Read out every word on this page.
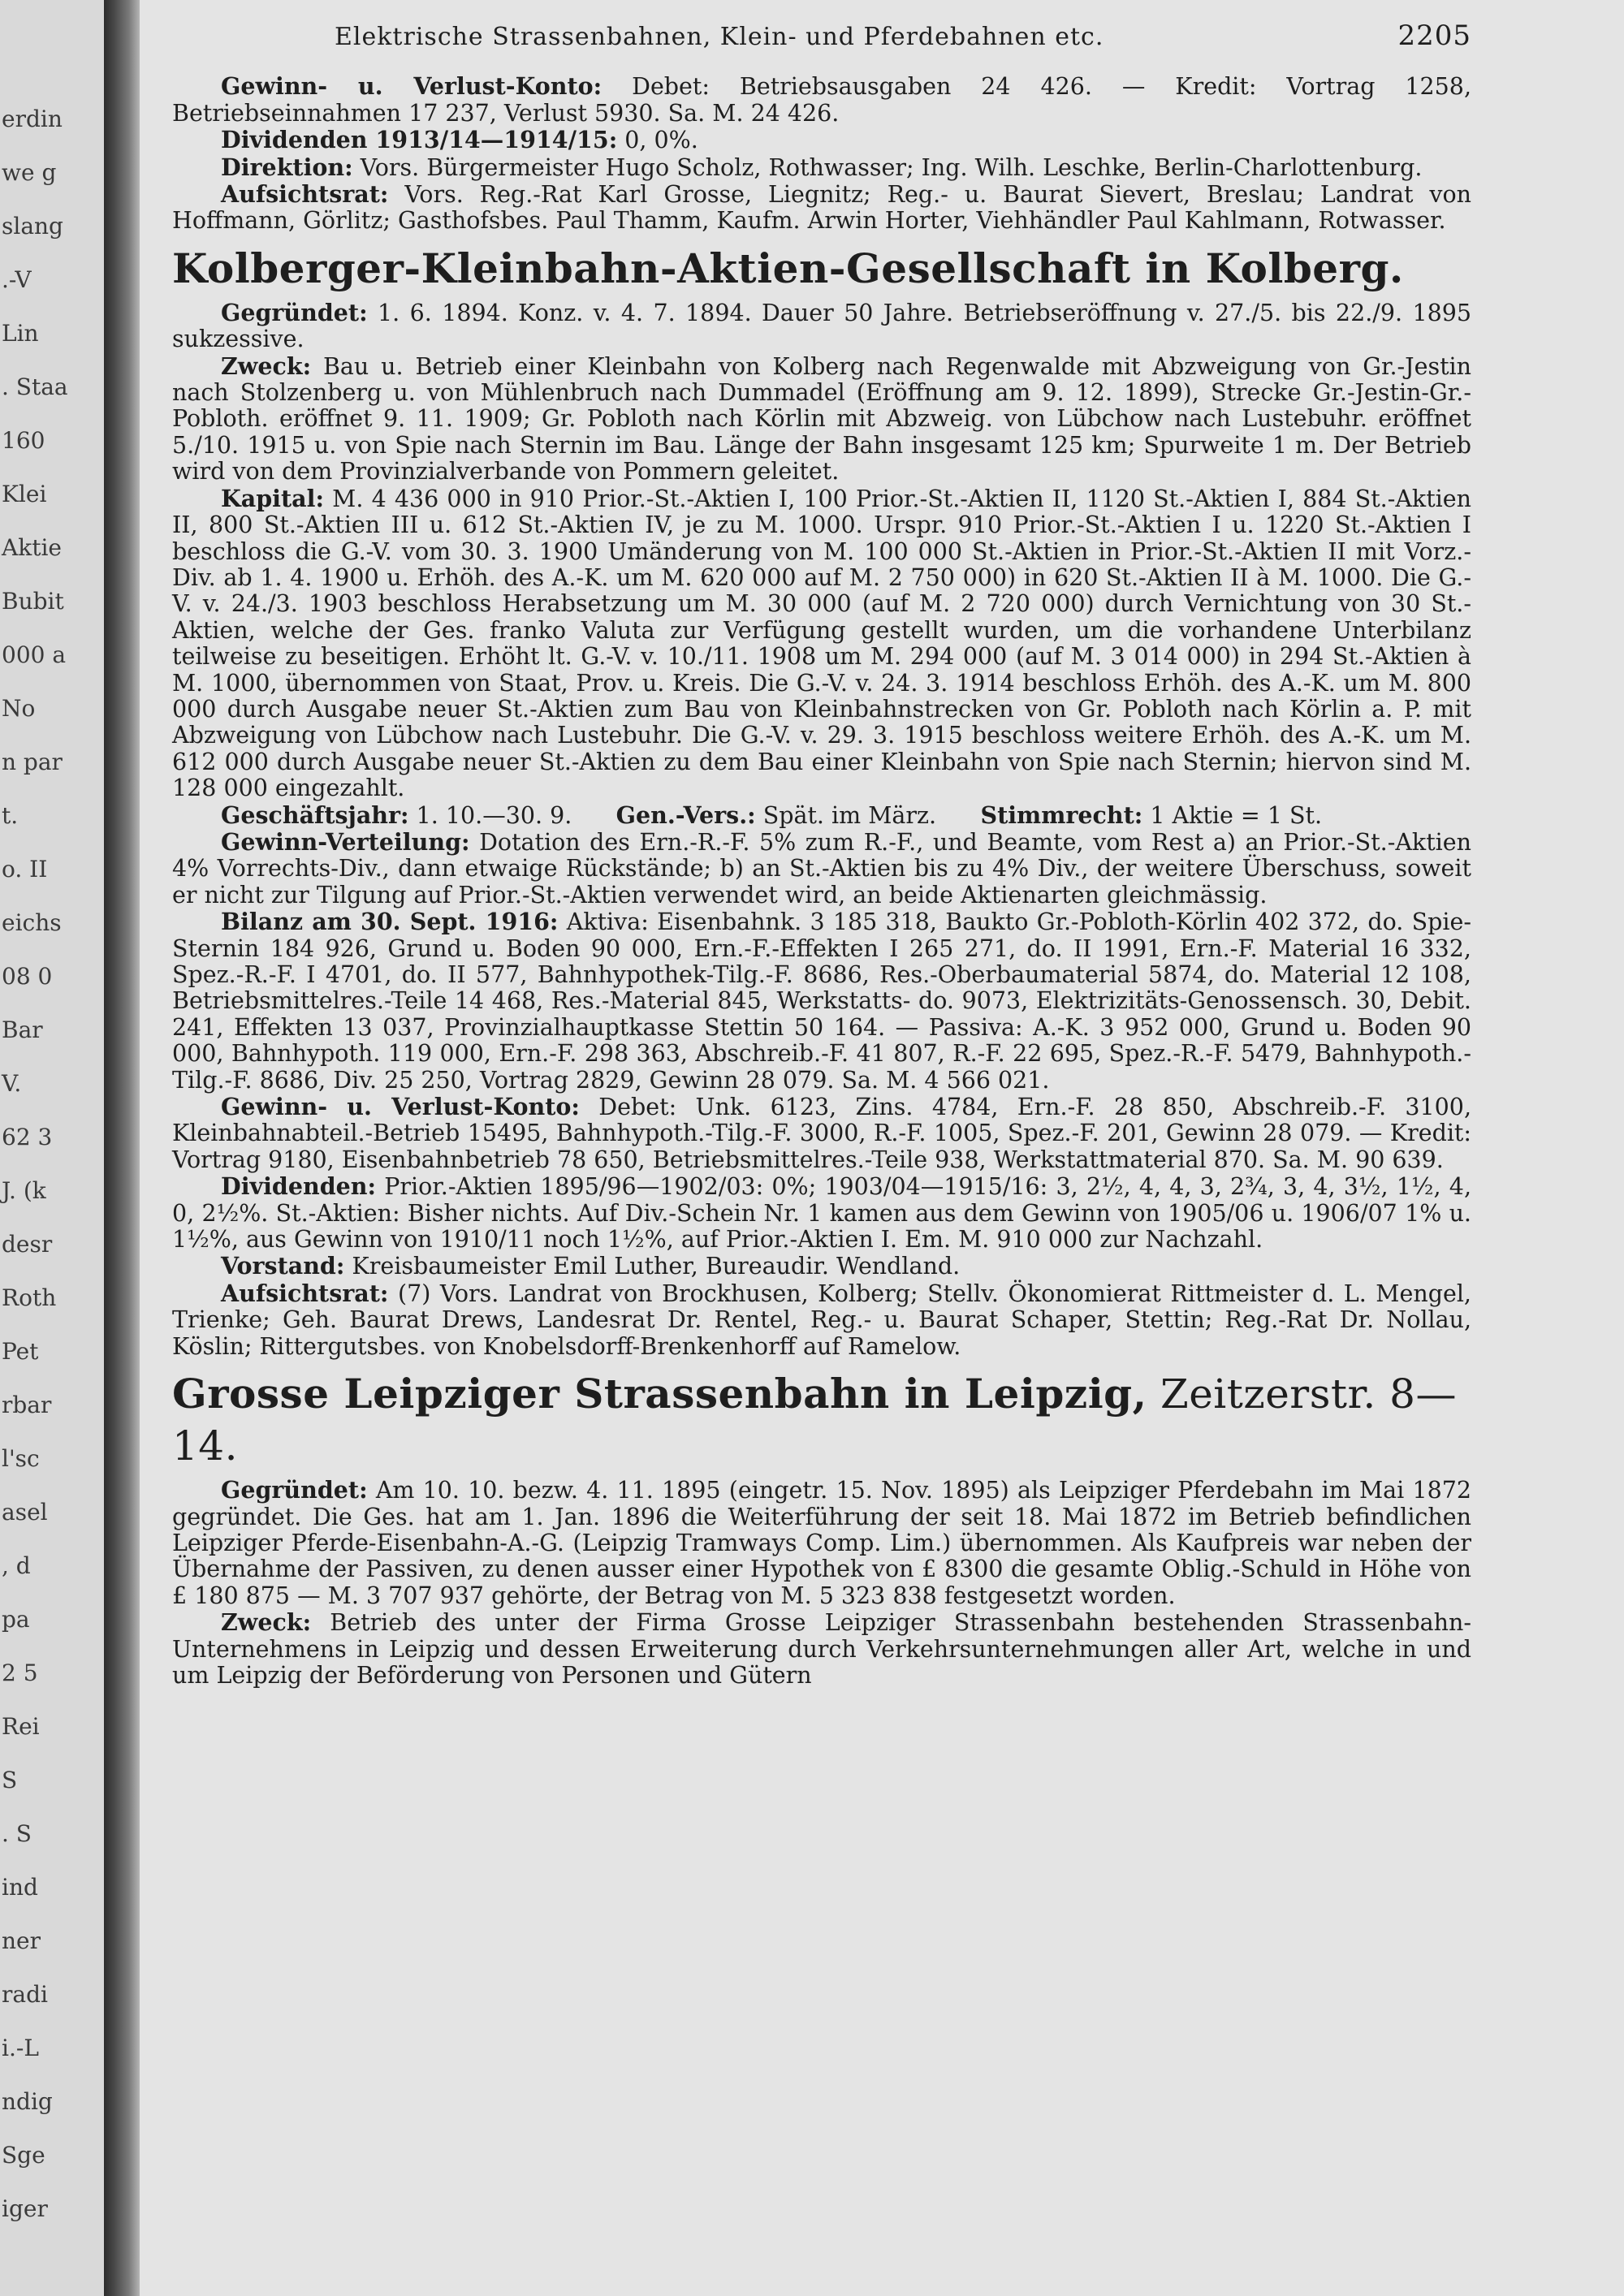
erdin
we g
slang
.-V
Lin
. Staa
160
Klei
Aktie
Bubit
000 a
No
n par
t.
o. II
eichs
08 0
Bar
V.
62 3
J. (k
desr
Roth
Pet
rbar
l'sc
asel
, d
pa
2 5
Rei
S
. S
ind
ner
radi
i.-L
ndig
Sge
iger
Elektrische Strassenbahnen, Klein- und Pferdebahnen etc.	2205

Gewinn- u. Verlust-Konto: Debet: Betriebsausgaben 24 426. — Kredit: Vortrag 1258, Betriebseinnahmen 17 237, Verlust 5930. Sa. M. 24 426.

Dividenden 1913/14—1914/15: 0, 0%.

Direktion: Vors. Bürgermeister Hugo Scholz, Rothwasser; Ing. Wilh. Leschke, Berlin-Charlottenburg.

Aufsichtsrat: Vors. Reg.-Rat Karl Grosse, Liegnitz; Reg.- u. Baurat Sievert, Breslau; Landrat von Hoffmann, Görlitz; Gasthofsbes. Paul Thamm, Kaufm. Arwin Horter, Viehhändler Paul Kahlmann, Rotwasser.

Kolberger-Kleinbahn-Aktien-Gesellschaft in Kolberg.

Gegründet: 1. 6. 1894. Konz. v. 4. 7. 1894. Dauer 50 Jahre. Betriebseröffnung v. 27./5. bis 22./9. 1895 sukzessive.

Zweck: Bau u. Betrieb einer Kleinbahn von Kolberg nach Regenwalde mit Abzweigung von Gr.-Jestin nach Stolzenberg u. von Mühlenbruch nach Dummadel (Eröffnung am 9. 12. 1899), Strecke Gr.-Jestin-Gr.-Pobloth. eröffnet 9. 11. 1909; Gr. Pobloth nach Körlin mit Abzweig. von Lübchow nach Lustebuhr. eröffnet 5./10. 1915 u. von Spie nach Sternin im Bau. Länge der Bahn insgesamt 125 km; Spurweite 1 m. Der Betrieb wird von dem Provinzialverbande von Pommern geleitet.

Kapital: M. 4 436 000 in 910 Prior.-St.-Aktien I, 100 Prior.-St.-Aktien II, 1120 St.-Aktien I, 884 St.-Aktien II, 800 St.-Aktien III u. 612 St.-Aktien IV, je zu M. 1000. Urspr. 910 Prior.-St.-Aktien I u. 1220 St.-Aktien I beschloss die G.-V. vom 30. 3. 1900 Umänderung von M. 100 000 St.-Aktien in Prior.-St.-Aktien II mit Vorz.-Div. ab 1. 4. 1900 u. Erhöh. des A.-K. um M. 620 000 auf M. 2 750 000) in 620 St.-Aktien II à M. 1000. Die G.-V. v. 24./3. 1903 beschloss Herabsetzung um M. 30 000 (auf M. 2 720 000) durch Vernichtung von 30 St.-Aktien, welche der Ges. franko Valuta zur Verfügung gestellt wurden, um die vorhandene Unterbilanz teilweise zu beseitigen. Erhöht lt. G.-V. v. 10./11. 1908 um M. 294 000 (auf M. 3 014 000) in 294 St.-Aktien à M. 1000, übernommen von Staat, Prov. u. Kreis. Die G.-V. v. 24. 3. 1914 beschloss Erhöh. des A.-K. um M. 800 000 durch Ausgabe neuer St.-Aktien zum Bau von Kleinbahnstrecken von Gr. Pobloth nach Körlin a. P. mit Abzweigung von Lübchow nach Lustebuhr. Die G.-V. v. 29. 3. 1915 beschloss weitere Erhöh. des A.-K. um M. 612 000 durch Ausgabe neuer St.-Aktien zu dem Bau einer Kleinbahn von Spie nach Sternin; hiervon sind M. 128 000 eingezahlt.

Geschäftsjahr: 1. 10.—30. 9.      Gen.-Vers.: Spät. im März.      Stimmrecht: 1 Aktie = 1 St.

Gewinn-Verteilung: Dotation des Ern.-R.-F. 5% zum R.-F., und Beamte, vom Rest a) an Prior.-St.-Aktien 4% Vorrechts-Div., dann etwaige Rückstände; b) an St.-Aktien bis zu 4% Div., der weitere Überschuss, soweit er nicht zur Tilgung auf Prior.-St.-Aktien verwendet wird, an beide Aktienarten gleichmässig.

Bilanz am 30. Sept. 1916: Aktiva: Eisenbahnk. 3 185 318, Baukto Gr.-Pobloth-Körlin 402 372, do. Spie-Sternin 184 926, Grund u. Boden 90 000, Ern.-F.-Effekten I 265 271, do. II 1991, Ern.-F. Material 16 332, Spez.-R.-F. I 4701, do. II 577, Bahnhypothek-Tilg.-F. 8686, Res.-Oberbaumaterial 5874, do. Material 12 108, Betriebsmittelres.-Teile 14 468, Res.-Material 845, Werkstatts- do. 9073, Elektrizitäts-Genossensch. 30, Debit. 241, Effekten 13 037, Provinzialhauptkasse Stettin 50 164. — Passiva: A.-K. 3 952 000, Grund u. Boden 90 000, Bahnhypoth. 119 000, Ern.-F. 298 363, Abschreib.-F. 41 807, R.-F. 22 695, Spez.-R.-F. 5479, Bahnhypoth.-Tilg.-F. 8686, Div. 25 250, Vortrag 2829, Gewinn 28 079. Sa. M. 4 566 021.

Gewinn- u. Verlust-Konto: Debet: Unk. 6123, Zins. 4784, Ern.-F. 28 850, Abschreib.-F. 3100, Kleinbahnabteil.-Betrieb 15495, Bahnhypoth.-Tilg.-F. 3000, R.-F. 1005, Spez.-F. 201, Gewinn 28 079. — Kredit: Vortrag 9180, Eisenbahnbetrieb 78 650, Betriebsmittelres.-Teile 938, Werkstattmaterial 870. Sa. M. 90 639.

Dividenden: Prior.-Aktien 1895/96—1902/03: 0%; 1903/04—1915/16: 3, 2½, 4, 4, 3, 2¾, 3, 4, 3½, 1½, 4, 0, 2½%. St.-Aktien: Bisher nichts. Auf Div.-Schein Nr. 1 kamen aus dem Gewinn von 1905/06 u. 1906/07 1% u. 1½%, aus Gewinn von 1910/11 noch 1½%, auf Prior.-Aktien I. Em. M. 910 000 zur Nachzahl.

Vorstand: Kreisbaumeister Emil Luther, Bureaudir. Wendland.

Aufsichtsrat: (7) Vors. Landrat von Brockhusen, Kolberg; Stellv. Ökonomierat Rittmeister d. L. Mengel, Trienke; Geh. Baurat Drews, Landesrat Dr. Rentel, Reg.- u. Baurat Schaper, Stettin; Reg.-Rat Dr. Nollau, Köslin; Rittergutsbes. von Knobelsdorff-Brenkenhorff auf Ramelow.

Grosse Leipziger Strassenbahn in Leipzig, Zeitzerstr. 8—14.

Gegründet: Am 10. 10. bezw. 4. 11. 1895 (eingetr. 15. Nov. 1895) als Leipziger Pferdebahn im Mai 1872 gegründet. Die Ges. hat am 1. Jan. 1896 die Weiterführung der seit 18. Mai 1872 im Betrieb befindlichen Leipziger Pferde-Eisenbahn-A.-G. (Leipzig Tramways Comp. Lim.) übernommen. Als Kaufpreis war neben der Übernahme der Passiven, zu denen ausser einer Hypothek von £ 8300 die gesamte Oblig.-Schuld in Höhe von £ 180 875 — M. 3 707 937 gehörte, der Betrag von M. 5 323 838 festgesetzt worden.

Zweck: Betrieb des unter der Firma Grosse Leipziger Strassenbahn bestehenden Strassenbahn-Unternehmens in Leipzig und dessen Erweiterung durch Verkehrsunternehmungen aller Art, welche in und um Leipzig der Beförderung von Personen und Gütern
